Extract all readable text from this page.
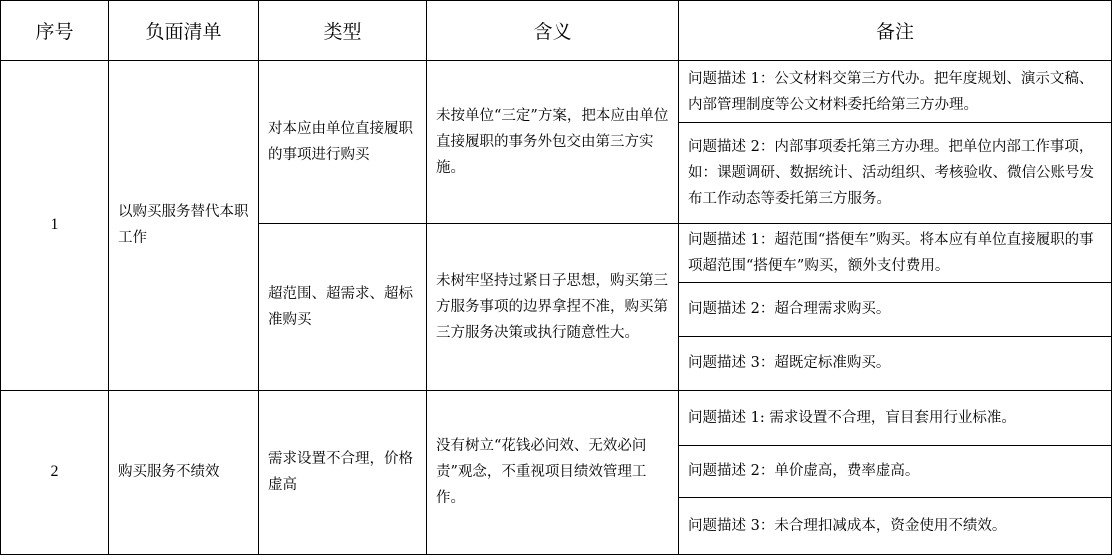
序号	负面清单	类型	含义	备注
1	以购买服务替代本职工作	对本应由单位直接履职的事项进行购买	未按单位“三定”方案，把本应由单位直接履职的事务外包交由第三方实施。	问题描述 1：公文材料交第三方代办。把年度规划、演示文稿、内部管理制度等公文材料委托给第三方办理。
				问题描述 2：内部事项委托第三方办理。把单位内部工作事项，如：课题调研、数据统计、活动组织、考核验收、微信公账号发布工作动态等委托第三方服务。
		超范围、超需求、超标准购买	未树牢坚持过紧日子思想，购买第三方服务事项的边界拿捏不准，购买第三方服务决策或执行随意性大。	问题描述 1：超范围“搭便车”购买。将本应有单位直接履职的事项超范围“搭便车”购买，额外支付费用。
				问题描述 2：超合理需求购买。
				问题描述 3：超既定标准购买。
2	购买服务不绩效	需求设置不合理，价格虚高	没有树立“花钱必问效、无效必问责”观念，不重视项目绩效管理工作。	问题描述 1: 需求设置不合理，盲目套用行业标准。
				问题描述 2：单价虚高，费率虚高。
				问题描述 3：未合理扣减成本，资金使用不绩效。
